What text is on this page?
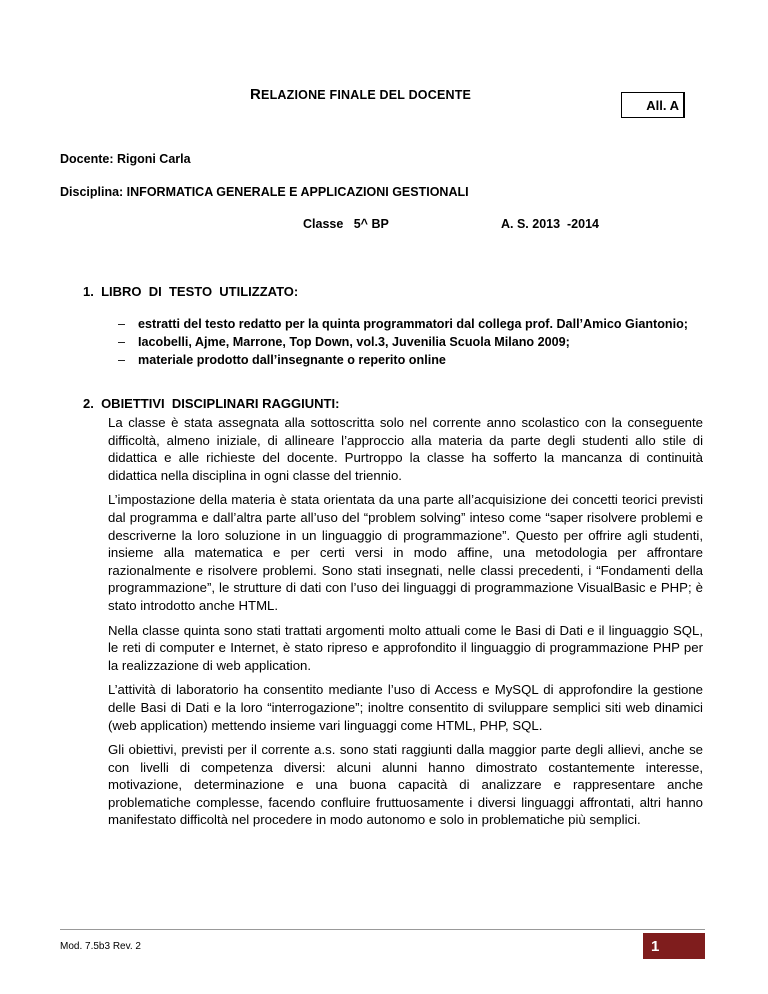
RELAZIONE FINALE DEL DOCENTE
All. A
Docente: Rigoni Carla
Disciplina: INFORMATICA GENERALE E APPLICAZIONI GESTIONALI
Classe   5^ BP	A. S. 2013  -2014
1.  LIBRO  DI  TESTO  UTILIZZATO:
– estratti del testo redatto per la quinta programmatori dal collega prof. Dall’Amico Giantonio;
– Iacobelli, Ajme, Marrone, Top Down, vol.3, Juvenilia Scuola Milano 2009;
– materiale prodotto dall’insegnante o reperito online
2.  OBIETTIVI  DISCIPLINARI RAGGIUNTI:

La classe è stata assegnata alla sottoscritta solo nel corrente anno scolastico con la conseguente difficoltà, almeno iniziale, di allineare l’approccio alla materia da parte degli studenti allo stile di didattica e alle richieste del docente. Purtroppo la classe ha sofferto la mancanza di continuità didattica nella disciplina in ogni classe del triennio.

L’impostazione della materia è stata orientata da una parte all’acquisizione dei concetti teorici previsti dal programma e dall’altra parte all’uso del “problem solving” inteso come “saper risolvere problemi e descriverne la loro soluzione in un linguaggio di programmazione”. Questo per offrire agli studenti, insieme alla matematica e per certi versi in modo affine, una metodologia per affrontare razionalmente e risolvere problemi. Sono stati insegnati, nelle classi precedenti, i “Fondamenti della programmazione”, le strutture di dati con l’uso dei linguaggi di programmazione VisualBasic e PHP; è stato introdotto anche HTML.

Nella classe quinta sono stati trattati argomenti molto attuali come le Basi di Dati e il linguaggio SQL, le reti di computer e Internet, è stato ripreso e approfondito il linguaggio di programmazione PHP per la realizzazione di web application.

L’attività di laboratorio ha consentito mediante l’uso di Access e MySQL di approfondire la gestione delle Basi di Dati e la loro “interrogazione”; inoltre consentito di sviluppare semplici siti web dinamici (web application) mettendo insieme vari linguaggi come HTML, PHP, SQL.

Gli obiettivi, previsti per il corrente a.s. sono stati raggiunti dalla maggior parte degli allievi, anche se con livelli di competenza diversi: alcuni alunni hanno dimostrato costantemente interesse, motivazione, determinazione e una buona capacità di analizzare e rappresentare anche problematiche complesse, facendo confluire fruttuosamente i diversi linguaggi affrontati, altri hanno manifestato difficoltà nel procedere in modo autonomo e solo in problematiche più semplici.

Mod. 7.5b3 Rev. 2	1
